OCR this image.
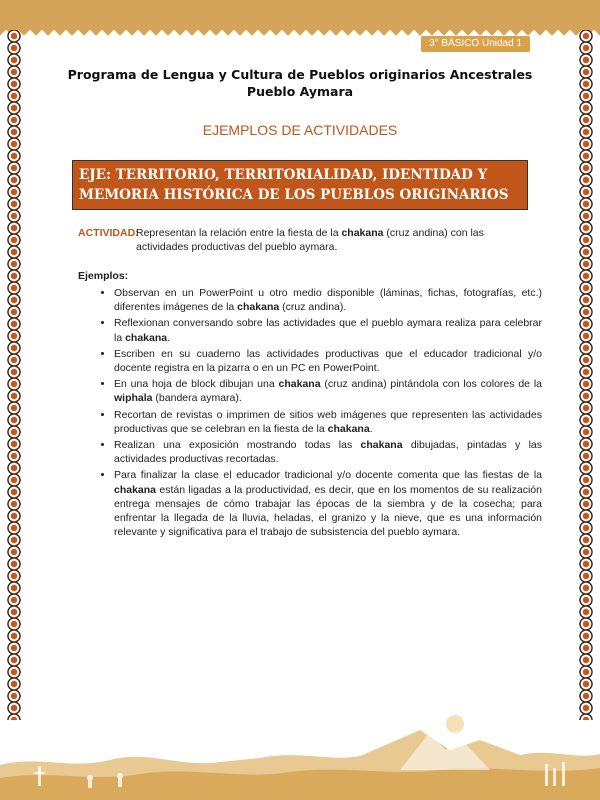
3° BÁSICO Unidad 1
Programa de Lengua y Cultura de Pueblos originarios Ancestrales
Pueblo Aymara
EJEMPLOS DE ACTIVIDADES
EJE: TERRITORIO, TERRITORIALIDAD, IDENTIDAD Y
MEMORIA HISTÓRICA DE LOS PUEBLOS ORIGINARIOS
ACTIVIDAD:
Representan la relación entre la fiesta de la chakana (cruz andina) con las actividades productivas del pueblo aymara.
Ejemplos:
• Observan en un PowerPoint u otro medio disponible (láminas, fichas, fotografías, etc.) diferentes imágenes de la chakana (cruz andina).
• Reflexionan conversando sobre las actividades que el pueblo aymara realiza para celebrar la chakana.
• Escriben en su cuaderno las actividades productivas que el educador tradicional y/o docente registra en la pizarra o en un PC en PowerPoint.
• En una hoja de block dibujan una chakana (cruz andina) pintándola con los colores de la wiphala (bandera aymara).
• Recortan de revistas o imprimen de sitios web imágenes que representen las actividades productivas que se celebran en la fiesta de la chakana.
• Realizan una exposición mostrando todas las chakana dibujadas, pintadas y las actividades productivas recortadas.
• Para finalizar la clase el educador tradicional y/o docente comenta que las fiestas de la chakana están ligadas a la productividad, es decir, que en los momentos de su realización entrega mensajes de cómo trabajar las épocas de la siembra y de la cosecha; para enfrentar la llegada de la lluvia, heladas, el granizo y la nieve, que es una información relevante y significativa para el trabajo de subsistencia del pueblo aymara.
